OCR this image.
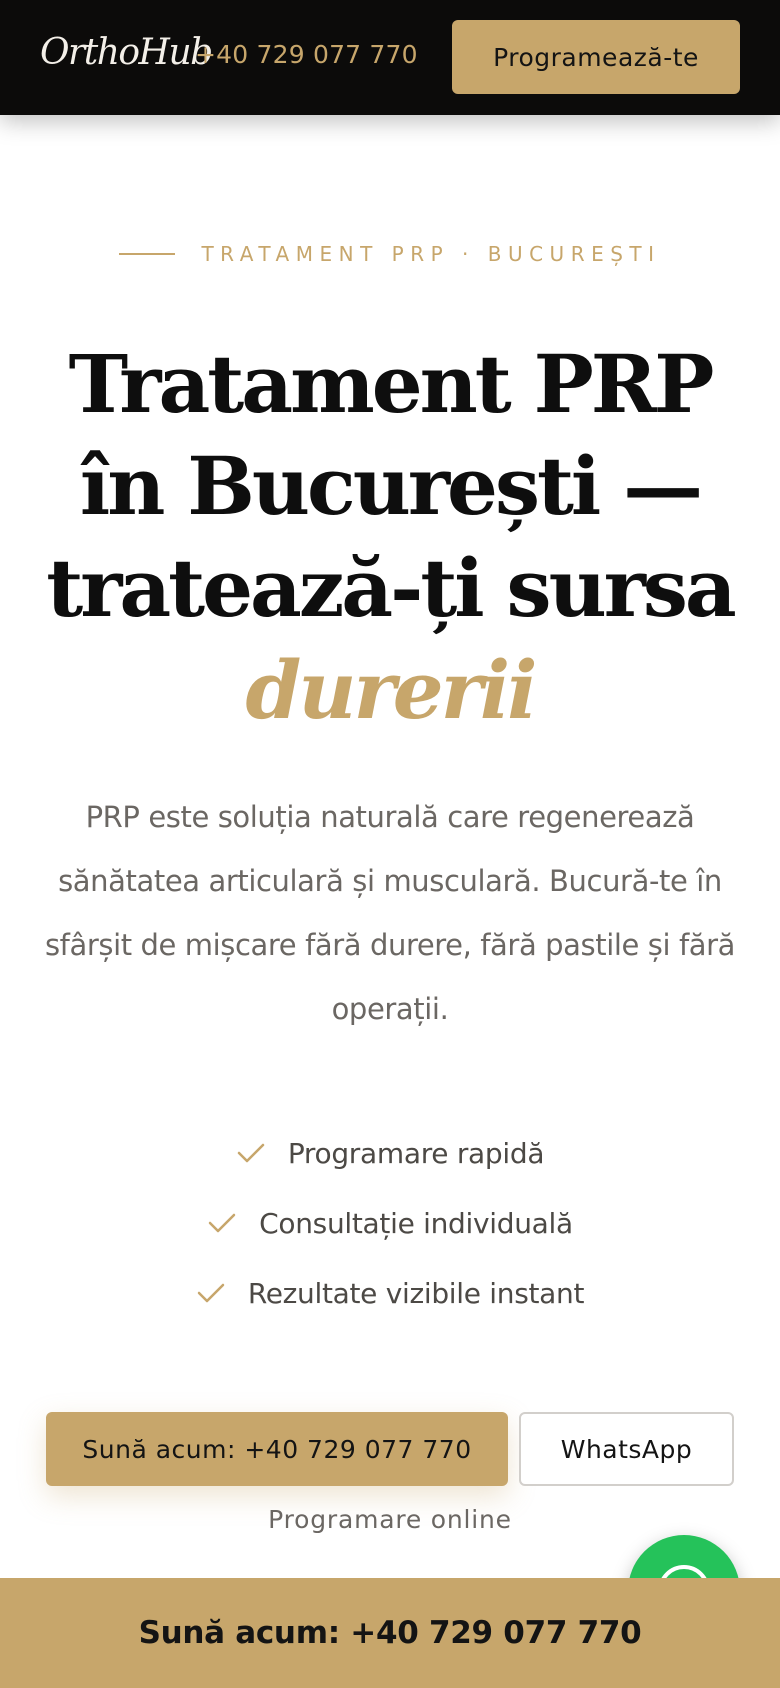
OrthoHub
+40 729 077 770	Programează-te
TRATAMENT PRP · BUCUREȘTI
Tratament PRP
în București —
tratează-ți sursa
durerii

PRP este soluția naturală care regenerează sănătatea articulară și musculară. Bucură-te în sfârșit de mișcare fără durere, fără pastile și fără operații.

Programare rapidă
Consultație individuală
Rezultate vizibile instant
Sună acum: +40 729 077 770	WhatsApp
Programare online
Sună acum: +40 729 077 770
